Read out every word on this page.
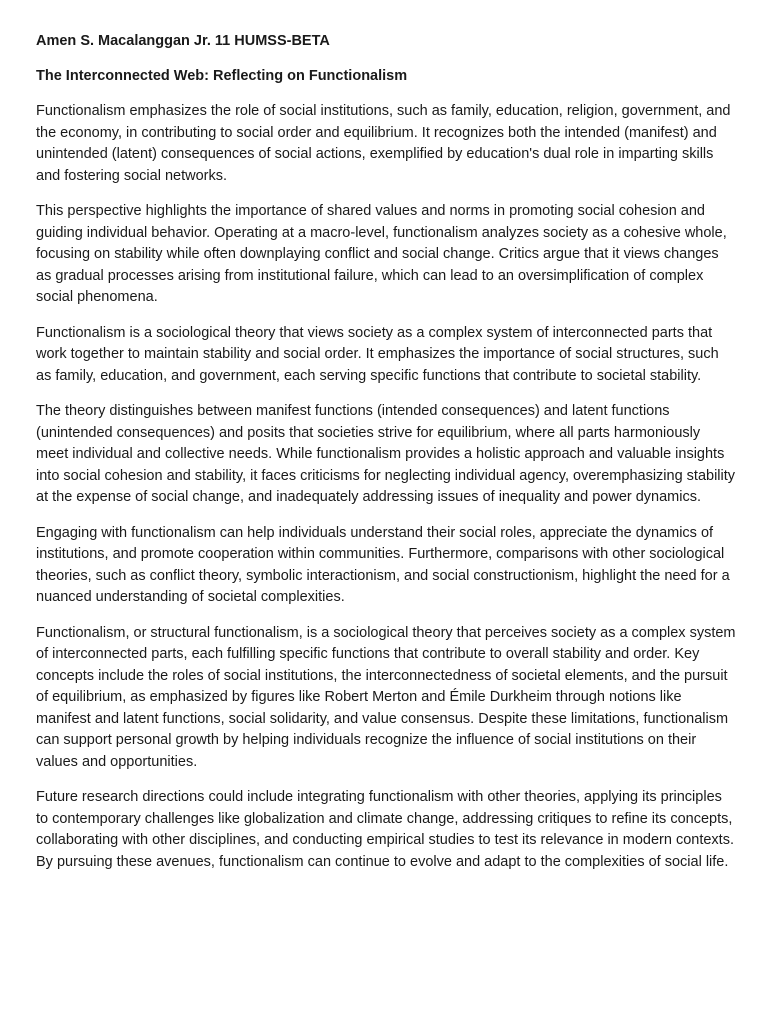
Amen S. Macalanggan Jr. 11 HUMSS-BETA

The Interconnected Web: Reflecting on Functionalism

Functionalism emphasizes the role of social institutions, such as family, education, religion, government, and the economy, in contributing to social order and equilibrium. It recognizes both the intended (manifest) and unintended (latent) consequences of social actions, exemplified by education's dual role in imparting skills and fostering social networks.

This perspective highlights the importance of shared values and norms in promoting social cohesion and guiding individual behavior. Operating at a macro-level, functionalism analyzes society as a cohesive whole, focusing on stability while often downplaying conflict and social change. Critics argue that it views changes as gradual processes arising from institutional failure, which can lead to an oversimplification of complex social phenomena.

Functionalism is a sociological theory that views society as a complex system of interconnected parts that work together to maintain stability and social order. It emphasizes the importance of social structures, such as family, education, and government, each serving specific functions that contribute to societal stability.

The theory distinguishes between manifest functions (intended consequences) and latent functions (unintended consequences) and posits that societies strive for equilibrium, where all parts harmoniously meet individual and collective needs. While functionalism provides a holistic approach and valuable insights into social cohesion and stability, it faces criticisms for neglecting individual agency, overemphasizing stability at the expense of social change, and inadequately addressing issues of inequality and power dynamics.

Engaging with functionalism can help individuals understand their social roles, appreciate the dynamics of institutions, and promote cooperation within communities. Furthermore, comparisons with other sociological theories, such as conflict theory, symbolic interactionism, and social constructionism, highlight the need for a nuanced understanding of societal complexities.

Functionalism, or structural functionalism, is a sociological theory that perceives society as a complex system of interconnected parts, each fulfilling specific functions that contribute to overall stability and order. Key concepts include the roles of social institutions, the interconnectedness of societal elements, and the pursuit of equilibrium, as emphasized by figures like Robert Merton and Émile Durkheim through notions like manifest and latent functions, social solidarity, and value consensus. Despite these limitations, functionalism can support personal growth by helping individuals recognize the influence of social institutions on their values and opportunities.

Future research directions could include integrating functionalism with other theories, applying its principles to contemporary challenges like globalization and climate change, addressing critiques to refine its concepts, collaborating with other disciplines, and conducting empirical studies to test its relevance in modern contexts. By pursuing these avenues, functionalism can continue to evolve and adapt to the complexities of social life.
